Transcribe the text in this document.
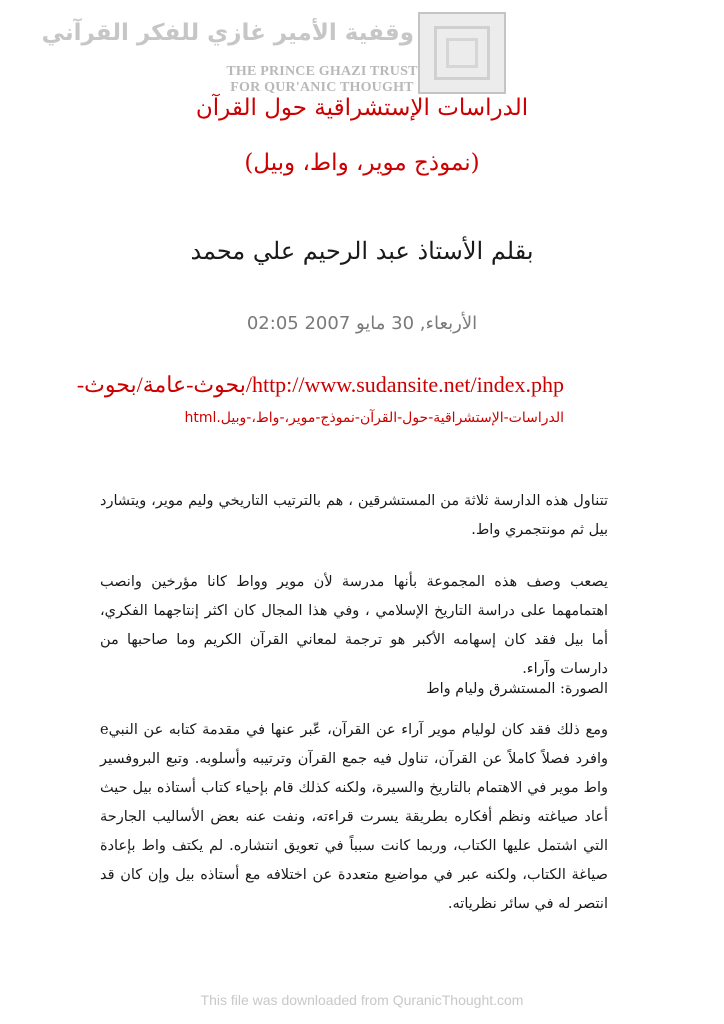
وقفية الأمير غازي للفكر القرآني
THE PRINCE GHAZI TRUST
FOR QUR'ANIC THOUGHT
الدراسات الإستشراقية حول القرآن
(نموذج موير، واط، وبيل)
بقلم الأستاذ عبد الرحيم علي محمد
الأربعاء, 30 مايو 2007 02:05
http://www.sudansite.net/index.php/بحوث-عامة/بحوث-
الدراسات-الإستشراقية-حول-القرآن-نموذج-موير،-واط،-وبيل.html
تتناول هذه الدارسة ثلاثة من المستشرقين ، هم بالترتيب التاريخي وليم موير، ويتشارد بيل ثم مونتجمري واط.
يصعب وصف هذه المجموعة بأنها مدرسة لأن موير وواط كانا مؤرخين وانصب اهتمامهما على دراسة التاريخ الإسلامي ، وفي هذا المجال كان اكثر إنتاجهما الفكري، أما بيل فقد كان إسهامه الأكبر هو ترجمة لمعاني القرآن الكريم وما صاحبها من دارسات وآراء.
الصورة: المستشرق وليام واط
ومع ذلك فقد كان لوليام موير آراء عن القرآن، عّبر عنها في مقدمة كتابه عن النبيe وافرد فصلاً كاملاً عن القرآن، تناول فيه جمع القرآن وترتيبه وأسلوبه. وتبع البروفسير واط موير في الاهتمام بالتاريخ والسيرة، ولكنه كذلك قام بإحياء كتاب أستاذه بيل حيث أعاد صياغته ونظم أفكاره بطريقة يسرت قراءته، ونفت عنه بعض الأساليب الجارحة التي اشتمل عليها الكتاب، وربما كانت سبباً في تعويق انتشاره. لم يكتف واط بإعادة صياغة الكتاب، ولكنه عبر في مواضيع متعددة عن اختلافه مع أستاذه بيل وإن كان قد انتصر له في سائر نظرياته.
This file was downloaded from QuranicThought.com
